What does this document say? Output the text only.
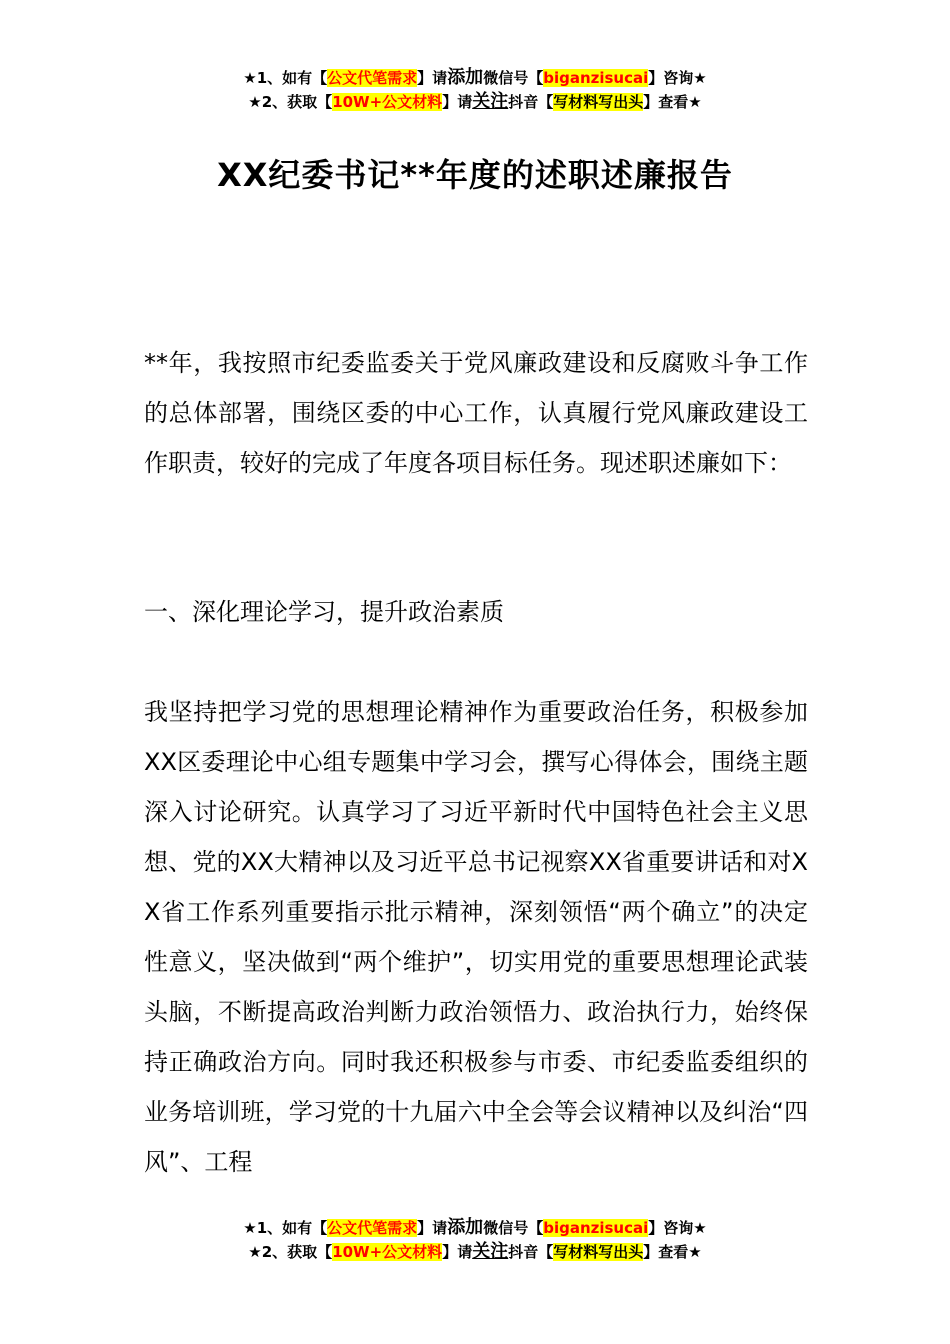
★1、如有【公文代笔需求】请添加微信号【biganzisucai】咨询★
★2、获取【10W+公文材料】请关注抖音【写材料写出头】查看★
XX纪委书记**年度的述职述廉报告

**年，我按照市纪委监委关于党风廉政建设和反腐败斗争工作的总体部署，围绕区委的中心工作，认真履行党风廉政建设工作职责，较好的完成了年度各项目标任务。现述职述廉如下：

一、深化理论学习，提升政治素质

我坚持把学习党的思想理论精神作为重要政治任务，积极参加XX区委理论中心组专题集中学习会，撰写心得体会，围绕主题深入讨论研究。认真学习了习近平新时代中国特色社会主义思想、党的XX大精神以及习近平总书记视察XX省重要讲话和对XX省工作系列重要指示批示精神，深刻领悟“两个确立”的决定性意义，坚决做到“两个维护”，切实用党的重要思想理论武装头脑，不断提高政治判断力政治领悟力、政治执行力，始终保持正确政治方向。同时我还积极参与市委、市纪委监委组织的业务培训班，学习党的十九届六中全会等会议精神以及纠治“四风”、工程

★1、如有【公文代笔需求】请添加微信号【biganzisucai】咨询★
★2、获取【10W+公文材料】请关注抖音【写材料写出头】查看★
